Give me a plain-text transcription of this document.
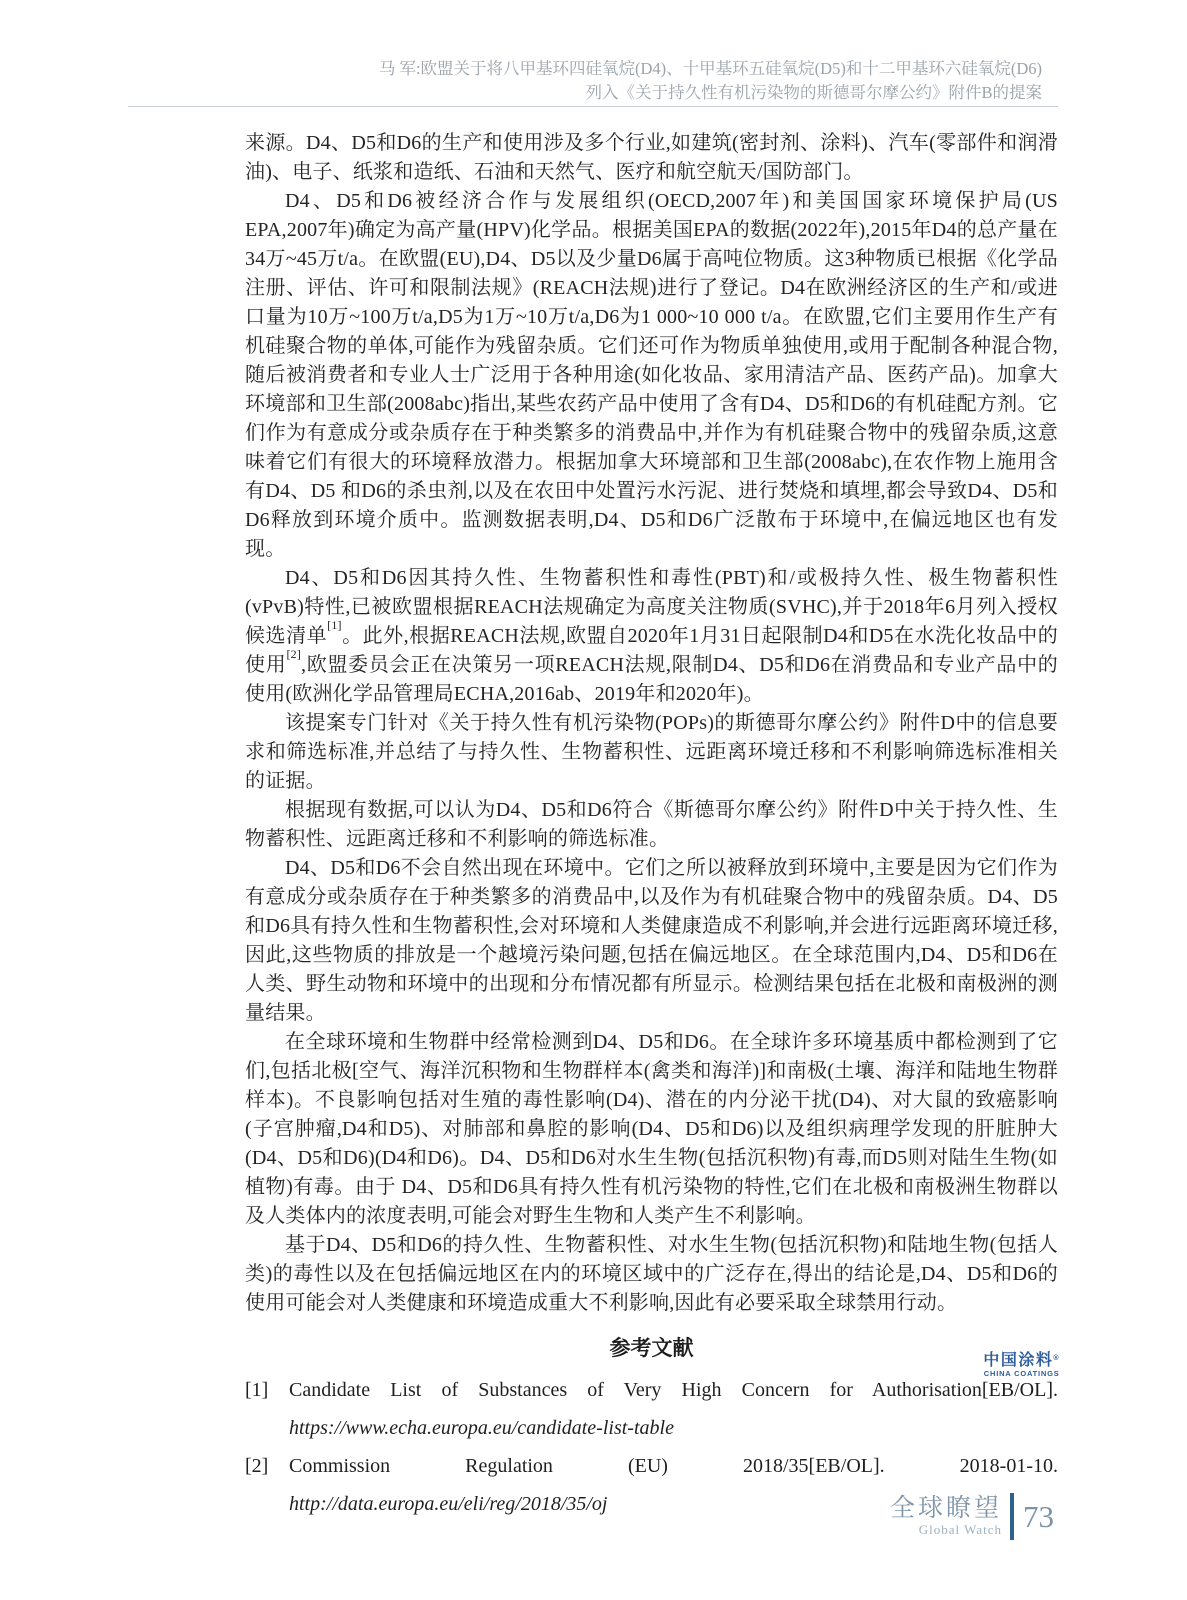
马 军:欧盟关于将八甲基环四硅氧烷(D4)、十甲基环五硅氧烷(D5)和十二甲基环六硅氧烷(D6)
列入《关于持久性有机污染物的斯德哥尔摩公约》附件B的提案

来源。D4、D5和D6的生产和使用涉及多个行业,如建筑(密封剂、涂料)、汽车(零部件和润滑油)、电子、纸浆和造纸、石油和天然气、医疗和航空航天/国防部门。

D4、D5和D6被经济合作与发展组织(OECD,2007年)和美国国家环境保护局(US EPA,2007年)确定为高产量(HPV)化学品。根据美国EPA的数据(2022年),2015年D4的总产量在34万~45万t/a。在欧盟(EU),D4、D5以及少量D6属于高吨位物质。这3种物质已根据《化学品注册、评估、许可和限制法规》(REACH法规)进行了登记。D4在欧洲经济区的生产和/或进口量为10万~100万t/a,D5为1万~10万t/a,D6为1 000~10 000 t/a。在欧盟,它们主要用作生产有机硅聚合物的单体,可能作为残留杂质。它们还可作为物质单独使用,或用于配制各种混合物,随后被消费者和专业人士广泛用于各种用途(如化妆品、家用清洁产品、医药产品)。加拿大环境部和卫生部(2008abc)指出,某些农药产品中使用了含有D4、D5和D6的有机硅配方剂。它们作为有意成分或杂质存在于种类繁多的消费品中,并作为有机硅聚合物中的残留杂质,这意味着它们有很大的环境释放潜力。根据加拿大环境部和卫生部(2008abc),在农作物上施用含有D4、D5 和D6的杀虫剂,以及在农田中处置污水污泥、进行焚烧和填埋,都会导致D4、D5和D6释放到环境介质中。监测数据表明,D4、D5和D6广泛散布于环境中,在偏远地区也有发现。

D4、D5和D6因其持久性、生物蓄积性和毒性(PBT)和/或极持久性、极生物蓄积性(vPvB)特性,已被欧盟根据REACH法规确定为高度关注物质(SVHC),并于2018年6月列入授权候选清单[1]。此外,根据REACH法规,欧盟自2020年1月31日起限制D4和D5在水洗化妆品中的使用[2],欧盟委员会正在决策另一项REACH法规,限制D4、D5和D6在消费品和专业产品中的使用(欧洲化学品管理局ECHA,2016ab、2019年和2020年)。

该提案专门针对《关于持久性有机污染物(POPs)的斯德哥尔摩公约》附件D中的信息要求和筛选标准,并总结了与持久性、生物蓄积性、远距离环境迁移和不利影响筛选标准相关的证据。

根据现有数据,可以认为D4、D5和D6符合《斯德哥尔摩公约》附件D中关于持久性、生物蓄积性、远距离迁移和不利影响的筛选标准。

D4、D5和D6不会自然出现在环境中。它们之所以被释放到环境中,主要是因为它们作为有意成分或杂质存在于种类繁多的消费品中,以及作为有机硅聚合物中的残留杂质。D4、D5和D6具有持久性和生物蓄积性,会对环境和人类健康造成不利影响,并会进行远距离环境迁移,因此,这些物质的排放是一个越境污染问题,包括在偏远地区。在全球范围内,D4、D5和D6在人类、野生动物和环境中的出现和分布情况都有所显示。检测结果包括在北极和南极洲的测量结果。

在全球环境和生物群中经常检测到D4、D5和D6。在全球许多环境基质中都检测到了它们,包括北极[空气、海洋沉积物和生物群样本(禽类和海洋)]和南极(土壤、海洋和陆地生物群样本)。不良影响包括对生殖的毒性影响(D4)、潜在的内分泌干扰(D4)、对大鼠的致癌影响(子宫肿瘤,D4和D5)、对肺部和鼻腔的影响(D4、D5和D6)以及组织病理学发现的肝脏肿大(D4、D5和D6)(D4和D6)。D4、D5和D6对水生生物(包括沉积物)有毒,而D5则对陆生生物(如植物)有毒。由于 D4、D5和D6具有持久性有机污染物的特性,它们在北极和南极洲生物群以及人类体内的浓度表明,可能会对野生生物和人类产生不利影响。

基于D4、D5和D6的持久性、生物蓄积性、对水生生物(包括沉积物)和陆地生物(包括人类)的毒性以及在包括偏远地区在内的环境区域中的广泛存在,得出的结论是,D4、D5和D6的使用可能会对人类健康和环境造成重大不利影响,因此有必要采取全球禁用行动。

参考文献
[1] Candidate List of Substances of Very High Concern for Authorisation[EB/OL]. https://www.echa.europa.eu/candidate-list-table
[2] Commission Regulation (EU) 2018/35[EB/OL]. 2018-01-10. http://data.europa.eu/eli/reg/2018/35/oj
中国涂料®
CHINA COATINGS
全球瞭望
Global Watch 73
